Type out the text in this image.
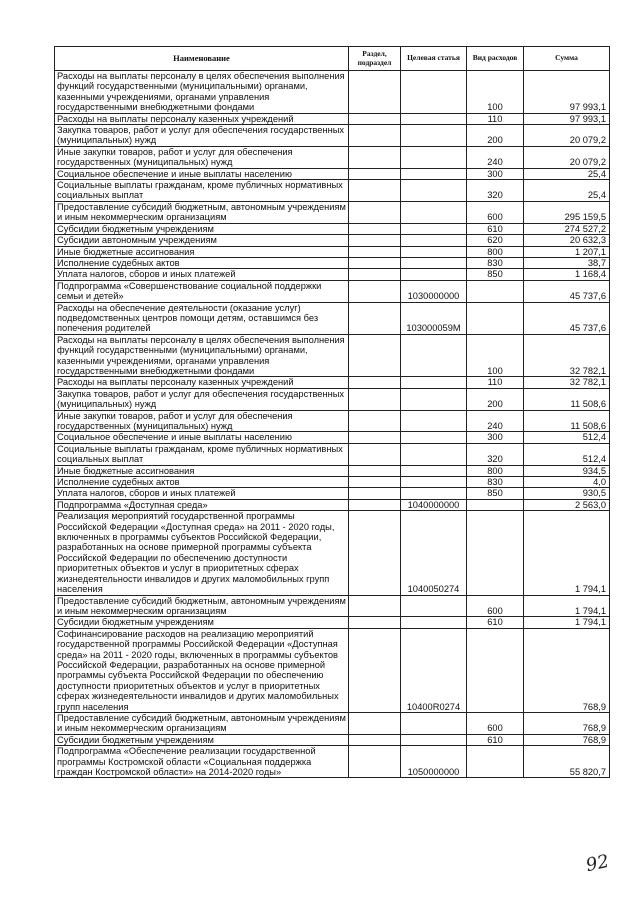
Наименование	Раздел, подраздел	Целевая статья	Вид расходов	Сумма
Расходы на выплаты персоналу в целях обеспечения выполнения функций государственными (муниципальными) органами, казенными учреждениями, органами управления государственными внебюджетными фондами			100	97 993,1
Расходы на выплаты персоналу казенных учреждений			110	97 993,1
Закупка товаров, работ и услуг для обеспечения государственных (муниципальных) нужд			200	20 079,2
Иные закупки товаров, работ и услуг для обеспечения государственных (муниципальных) нужд			240	20 079,2
Социальное обеспечение и иные выплаты населению			300	25,4
Социальные выплаты гражданам, кроме публичных нормативных социальных выплат			320	25,4
Предоставление субсидий бюджетным, автономным учреждениям и иным некоммерческим организациям			600	295 159,5
Субсидии бюджетным учреждениям			610	274 527,2
Субсидии автономным учреждениям			620	20 632,3
Иные бюджетные ассигнования			800	1 207,1
Исполнение судебных актов			830	38,7
Уплата налогов, сборов и иных платежей			850	1 168,4
Подпрограмма «Совершенствование социальной поддержки семьи и детей»		1030000000		45 737,6
Расходы на обеспечение деятельности (оказание услуг) подведомственных центров помощи детям, оставшимся без попечения родителей		103000059М		45 737,6
Расходы на выплаты персоналу в целях обеспечения выполнения функций государственными (муниципальными) органами, казенными учреждениями, органами управления государственными внебюджетными фондами			100	32 782,1
Расходы на выплаты персоналу казенных учреждений			110	32 782,1
Закупка товаров, работ и услуг для обеспечения государственных (муниципальных) нужд			200	11 508,6
Иные закупки товаров, работ и услуг для обеспечения государственных (муниципальных) нужд			240	11 508,6
Социальное обеспечение и иные выплаты населению			300	512,4
Социальные выплаты гражданам, кроме публичных нормативных социальных выплат			320	512,4
Иные бюджетные ассигнования			800	934,5
Исполнение судебных актов			830	4,0
Уплата налогов, сборов и иных платежей			850	930,5
Подпрограмма «Доступная среда»		1040000000		2 563,0
Реализация мероприятий государственной программы Российской Федерации «Доступная среда» на 2011 - 2020 годы, включенных в программы субъектов Российской Федерации, разработанных на основе примерной программы субъекта Российской Федерации по обеспечению доступности приоритетных объектов и услуг в приоритетных сферах жизнедеятельности инвалидов и других маломобильных групп населения		1040050274		1 794,1
Предоставление субсидий бюджетным, автономным учреждениям и иным некоммерческим организациям			600	1 794,1
Субсидии бюджетным учреждениям			610	1 794,1
Софинансирование расходов на реализацию мероприятий государственной программы Российской Федерации «Доступная среда» на 2011 - 2020 годы, включенных в программы субъектов Российской Федерации, разработанных на основе примерной программы субъекта Российской Федерации по обеспечению доступности приоритетных объектов и услуг в приоритетных сферах жизнедеятельности инвалидов и других маломобильных групп населения		10400R0274		768,9
Предоставление субсидий бюджетным, автономным учреждениям и иным некоммерческим организациям			600	768,9
Субсидии бюджетным учреждениям			610	768,9
Подпрограмма «Обеспечение реализации государственной программы Костромской области «Социальная поддержка граждан Костромской области» на 2014-2020 годы»		1050000000		55 820,7
92
